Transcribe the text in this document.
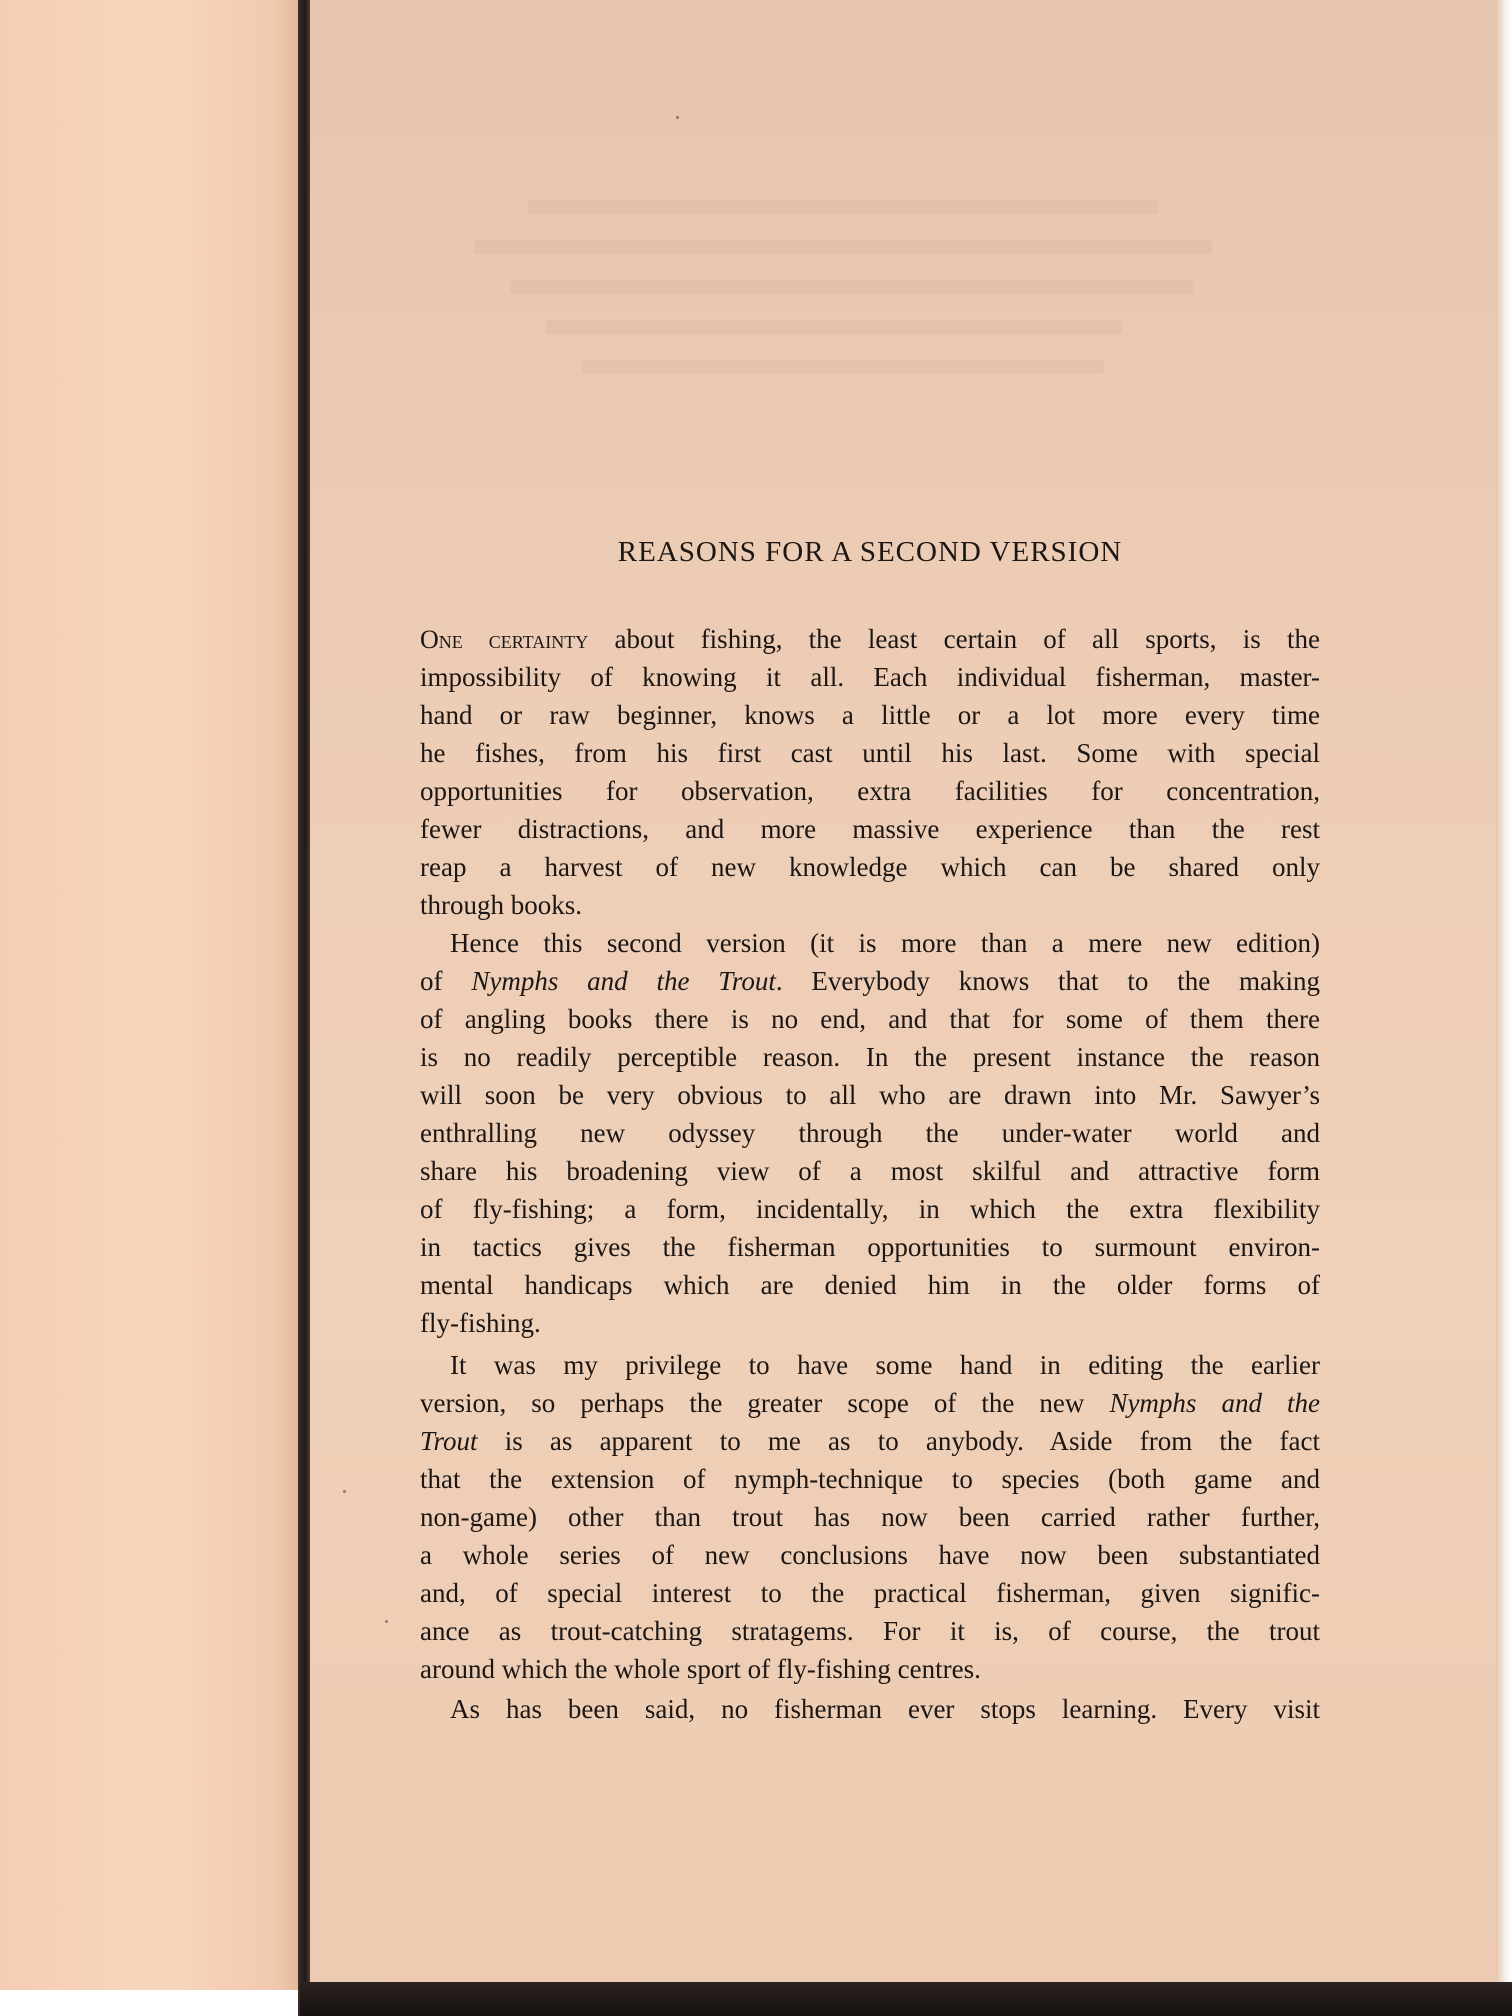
REASONS FOR A SECOND VERSION
One certainty about fishing, the least certain of all sports, is the
impossibility of knowing it all. Each individual fisherman, master-
hand or raw beginner, knows a little or a lot more every time
he fishes, from his first cast until his last. Some with special
opportunities for observation, extra facilities for concentration,
fewer distractions, and more massive experience than the rest
reap a harvest of new knowledge which can be shared only
through books.
Hence this second version (it is more than a mere new edition)
of Nymphs and the Trout. Everybody knows that to the making
of angling books there is no end, and that for some of them there
is no readily perceptible reason. In the present instance the reason
will soon be very obvious to all who are drawn into Mr. Sawyer’s
enthralling new odyssey through the under-water world and
share his broadening view of a most skilful and attractive form
of fly-fishing; a form, incidentally, in which the extra flexibility
in tactics gives the fisherman opportunities to surmount environ-
mental handicaps which are denied him in the older forms of
fly-fishing.
It was my privilege to have some hand in editing the earlier
version, so perhaps the greater scope of the new Nymphs and the
Trout is as apparent to me as to anybody. Aside from the fact
that the extension of nymph-technique to species (both game and
non-game) other than trout has now been carried rather further,
a whole series of new conclusions have now been substantiated
and, of special interest to the practical fisherman, given signific-
ance as trout-catching stratagems. For it is, of course, the trout
around which the whole sport of fly-fishing centres.
As has been said, no fisherman ever stops learning. Every visit
